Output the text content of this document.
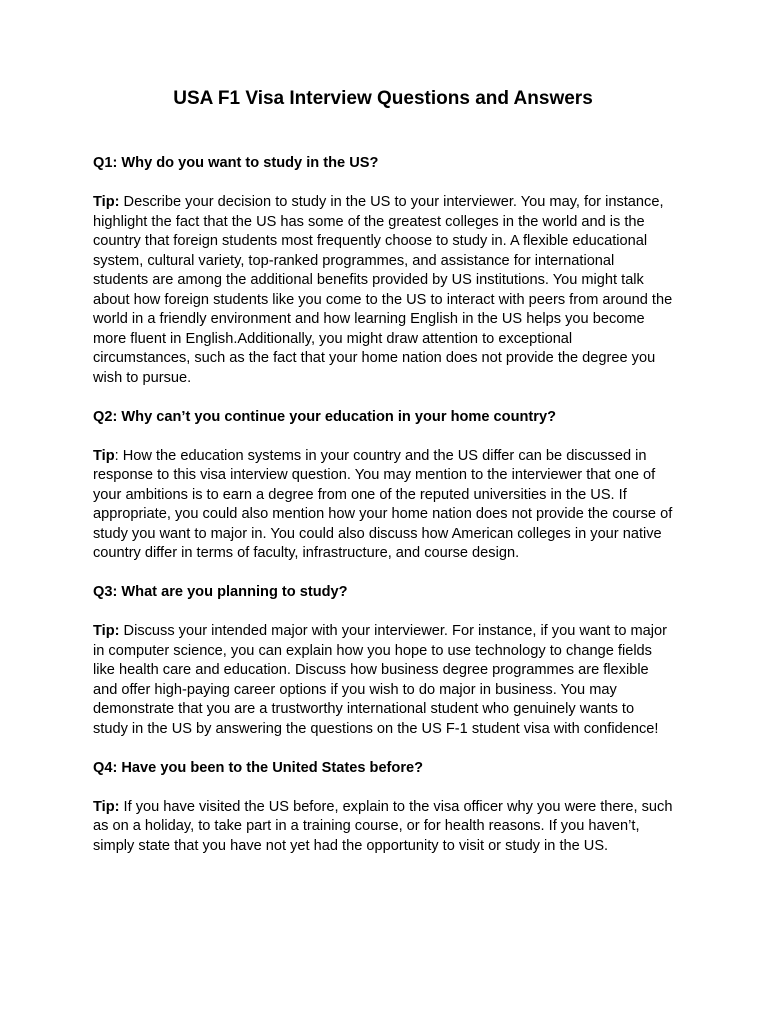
USA F1 Visa Interview Questions and Answers

Q1: Why do you want to study in the US?

Tip: Describe your decision to study in the US to your interviewer. You may, for instance, highlight the fact that the US has some of the greatest colleges in the world and is the country that foreign students most frequently choose to study in. A flexible educational system, cultural variety, top-ranked programmes, and assistance for international students are among the additional benefits provided by US institutions. You might talk about how foreign students like you come to the US to interact with peers from around the world in a friendly environment and how learning English in the US helps you become more fluent in English.Additionally, you might draw attention to exceptional circumstances, such as the fact that your home nation does not provide the degree you wish to pursue.

Q2: Why can’t you continue your education in your home country?

Tip: How the education systems in your country and the US differ can be discussed in response to this visa interview question. You may mention to the interviewer that one of your ambitions is to earn a degree from one of the reputed universities in the US. If appropriate, you could also mention how your home nation does not provide the course of study you want to major in. You could also discuss how American colleges in your native country differ in terms of faculty, infrastructure, and course design.

Q3: What are you planning to study?

Tip: Discuss your intended major with your interviewer. For instance, if you want to major in computer science, you can explain how you hope to use technology to change fields like health care and education. Discuss how business degree programmes are flexible and offer high-paying career options if you wish to do major in business. You may demonstrate that you are a trustworthy international student who genuinely wants to study in the US by answering the questions on the US F-1 student visa with confidence!

Q4: Have you been to the United States before?

Tip: If you have visited the US before, explain to the visa officer why you were there, such as on a holiday, to take part in a training course, or for health reasons. If you haven’t, simply state that you have not yet had the opportunity to visit or study in the US.
